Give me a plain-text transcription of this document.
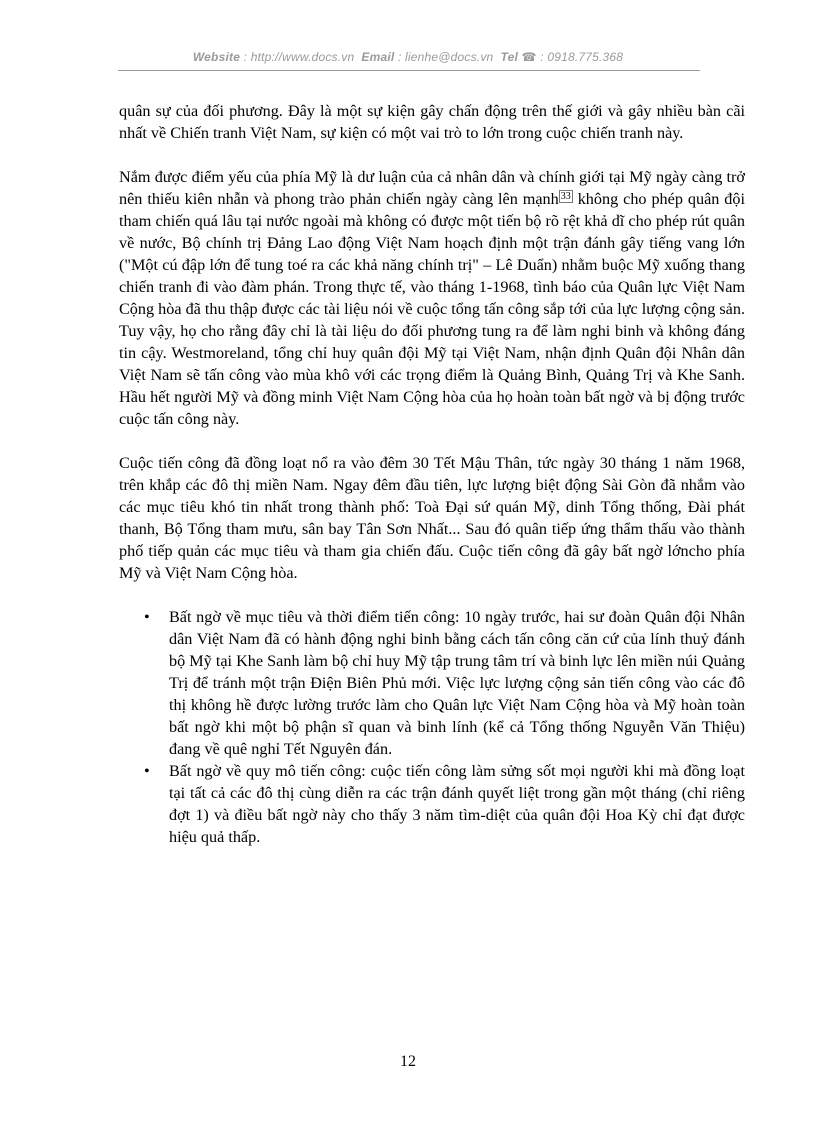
Website : http://www.docs.vn Email : lienhe@docs.vn Tel ☎ : 0918.775.368

quân sự của đối phương. Đây là một sự kiện gây chấn động trên thế giới và gây nhiều bàn cãi nhất về Chiến tranh Việt Nam, sự kiện có một vai trò to lớn trong cuộc chiến tranh này.

Nắm được điểm yếu của phía Mỹ là dư luận của cả nhân dân và chính giới tại Mỹ ngày càng trở nên thiếu kiên nhẫn và phong trào phản chiến ngày càng lên mạnh $^{33}$ không cho phép quân đội tham chiến quá lâu tại nước ngoài mà không có được một tiến bộ rõ rệt khả dĩ cho phép rút quân về nước, Bộ chính trị Đảng Lao động Việt Nam hoạch định một trận đánh gây tiếng vang lớn ("Một cú đập lớn để tung toé ra các khả năng chính trị" – Lê Duẩn) nhằm buộc Mỹ xuống thang chiến tranh đi vào đàm phán. Trong thực tế, vào tháng 1-1968, tình báo của Quân lực Việt Nam Cộng hòa đã thu thập được các tài liệu nói về cuộc tổng tấn công sắp tới của lực lượng cộng sản. Tuy vậy, họ cho rằng đây chỉ là tài liệu do đối phương tung ra để làm nghi binh và không đáng tin cậy. Westmoreland, tổng chỉ huy quân đội Mỹ tại Việt Nam, nhận định Quân đội Nhân dân Việt Nam sẽ tấn công vào mùa khô với các trọng điểm là Quảng Bình, Quảng Trị và Khe Sanh. Hầu hết người Mỹ và đồng minh Việt Nam Cộng hòa của họ hoàn toàn bất ngờ và bị động trước cuộc tấn công này.

Cuộc tiến công đã đồng loạt nổ ra vào đêm 30 Tết Mậu Thân, tức ngày 30 tháng 1 năm 1968, trên khắp các đô thị miền Nam. Ngay đêm đầu tiên, lực lượng biệt động Sài Gòn đã nhắm vào các mục tiêu khó tin nhất trong thành phố: Toà Đại sứ quán Mỹ, dinh Tổng thống, Đài phát thanh, Bộ Tổng tham mưu, sân bay Tân Sơn Nhất... Sau đó quân tiếp ứng thẩm thấu vào thành phố tiếp quản các mục tiêu và tham gia chiến đấu. Cuộc tiến công đã gây bất ngờ lớncho phía Mỹ và Việt Nam Cộng hòa.

• Bất ngờ về mục tiêu và thời điểm tiến công: 10 ngày trước, hai sư đoàn Quân đội Nhân dân Việt Nam đã có hành động nghi binh bằng cách tấn công căn cứ của lính thuỷ đánh bộ Mỹ tại Khe Sanh làm bộ chỉ huy Mỹ tập trung tâm trí và binh lực lên miền núi Quảng Trị để tránh một trận Điện Biên Phủ mới. Việc lực lượng cộng sản tiến công vào các đô thị không hề được lường trước làm cho Quân lực Việt Nam Cộng hòa và Mỹ hoàn toàn bất ngờ khi một bộ phận sĩ quan và binh lính (kể cả Tổng thống Nguyễn Văn Thiệu) đang về quê nghỉ Tết Nguyên đán.
• Bất ngờ về quy mô tiến công: cuộc tiến công làm sửng sốt mọi người khi mà đồng loạt tại tất cả các đô thị cùng diễn ra các trận đánh quyết liệt trong gần một tháng (chỉ riêng đợt 1) và điều bất ngờ này cho thấy 3 năm tìm-diệt của quân đội Hoa Kỳ chỉ đạt được hiệu quả thấp.
12
